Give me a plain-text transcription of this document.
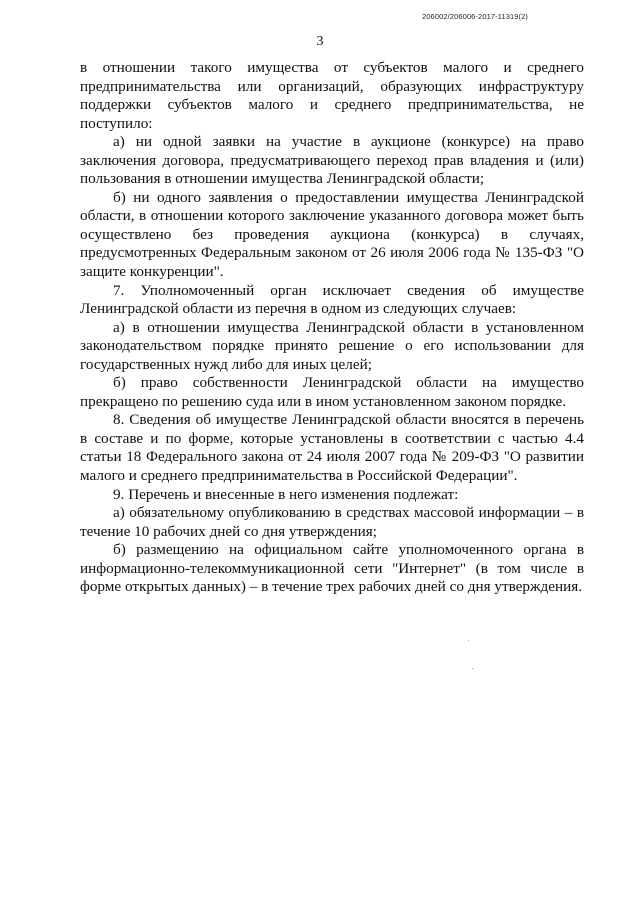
206002/206006-2017-11319(2)
3

в отношении такого имущества от субъектов малого и среднего предпринимательства или организаций, образующих инфраструктуру поддержки субъектов малого и среднего предпринимательства, не поступило:

а) ни одной заявки на участие в аукционе (конкурсе) на право заключения договора, предусматривающего переход прав владения и (или) пользования в отношении имущества Ленинградской области;

б) ни одного заявления о предоставлении имущества Ленинградской области, в отношении которого заключение указанного договора может быть осуществлено без проведения аукциона (конкурса) в случаях, предусмотренных Федеральным законом от 26 июля 2006 года № 135-ФЗ "О защите конкуренции".

7. Уполномоченный орган исключает сведения об имуществе Ленинградской области из перечня в одном из следующих случаев:

а) в отношении имущества Ленинградской области в установленном законодательством порядке принято решение о его использовании для государственных нужд либо для иных целей;

б) право собственности Ленинградской области на имущество прекращено по решению суда или в ином установленном законом порядке.

8. Сведения об имуществе Ленинградской области вносятся в перечень в составе и по форме, которые установлены в соответствии с частью 4.4 статьи 18 Федерального закона от 24 июля 2007 года № 209-ФЗ "О развитии малого и среднего предпринимательства в Российской Федерации".

9. Перечень и внесенные в него изменения подлежат:

а) обязательному опубликованию в средствах массовой информации – в течение 10 рабочих дней со дня утверждения;

б) размещению на официальном сайте уполномоченного органа в информационно-телекоммуникационной сети "Интернет" (в том числе в форме открытых данных) – в течение трех рабочих дней со дня утверждения.
